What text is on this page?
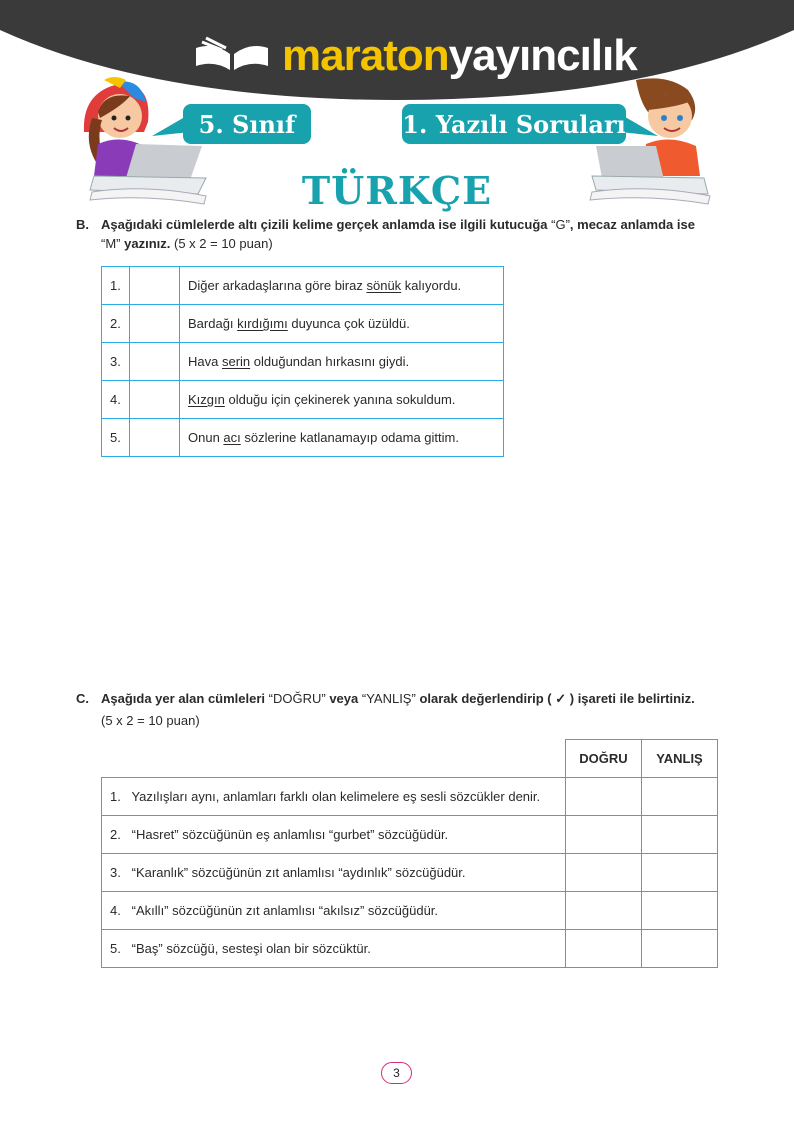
maratonyayıncılık
5. Sınıf	1. Yazılı Soruları
TÜRKÇE
B. Aşağıdaki cümlelerde altı çizili kelime gerçek anlamda ise ilgili kutucuğa “G”, mecaz anlamda ise “M” yazınız. (5 x 2 = 10 puan)
1.		Diğer arkadaşlarına göre biraz sönük kalıyordu.
2.		Bardağı kırdığımı duyunca çok üzüldü.
3.		Hava serin olduğundan hırkasını giydi.
4.		Kızgın olduğu için çekinerek yanına sokuldum.
5.		Onun acı sözlerine katlanamayıp odama gittim.
C. Aşağıda yer alan cümleleri “DOĞRU” veya “YANLIŞ” olarak değerlendirip ( ✓ ) işareti ile belirtiniz.
(5 x 2 = 10 puan)
	DOĞRU	YANLIŞ
1.   Yazılışları aynı, anlamları farklı olan kelimelere eş sesli sözcükler denir.		
2.   “Hasret” sözcüğünün eş anlamlısı “gurbet” sözcüğüdür.		
3.   “Karanlık” sözcüğünün zıt anlamlısı “aydınlık” sözcüğüdür.		
4.   “Akıllı” sözcüğünün zıt anlamlısı “akılsız” sözcüğüdür.		
5.   “Baş” sözcüğü, sesteşi olan bir sözcüktür.		
3
